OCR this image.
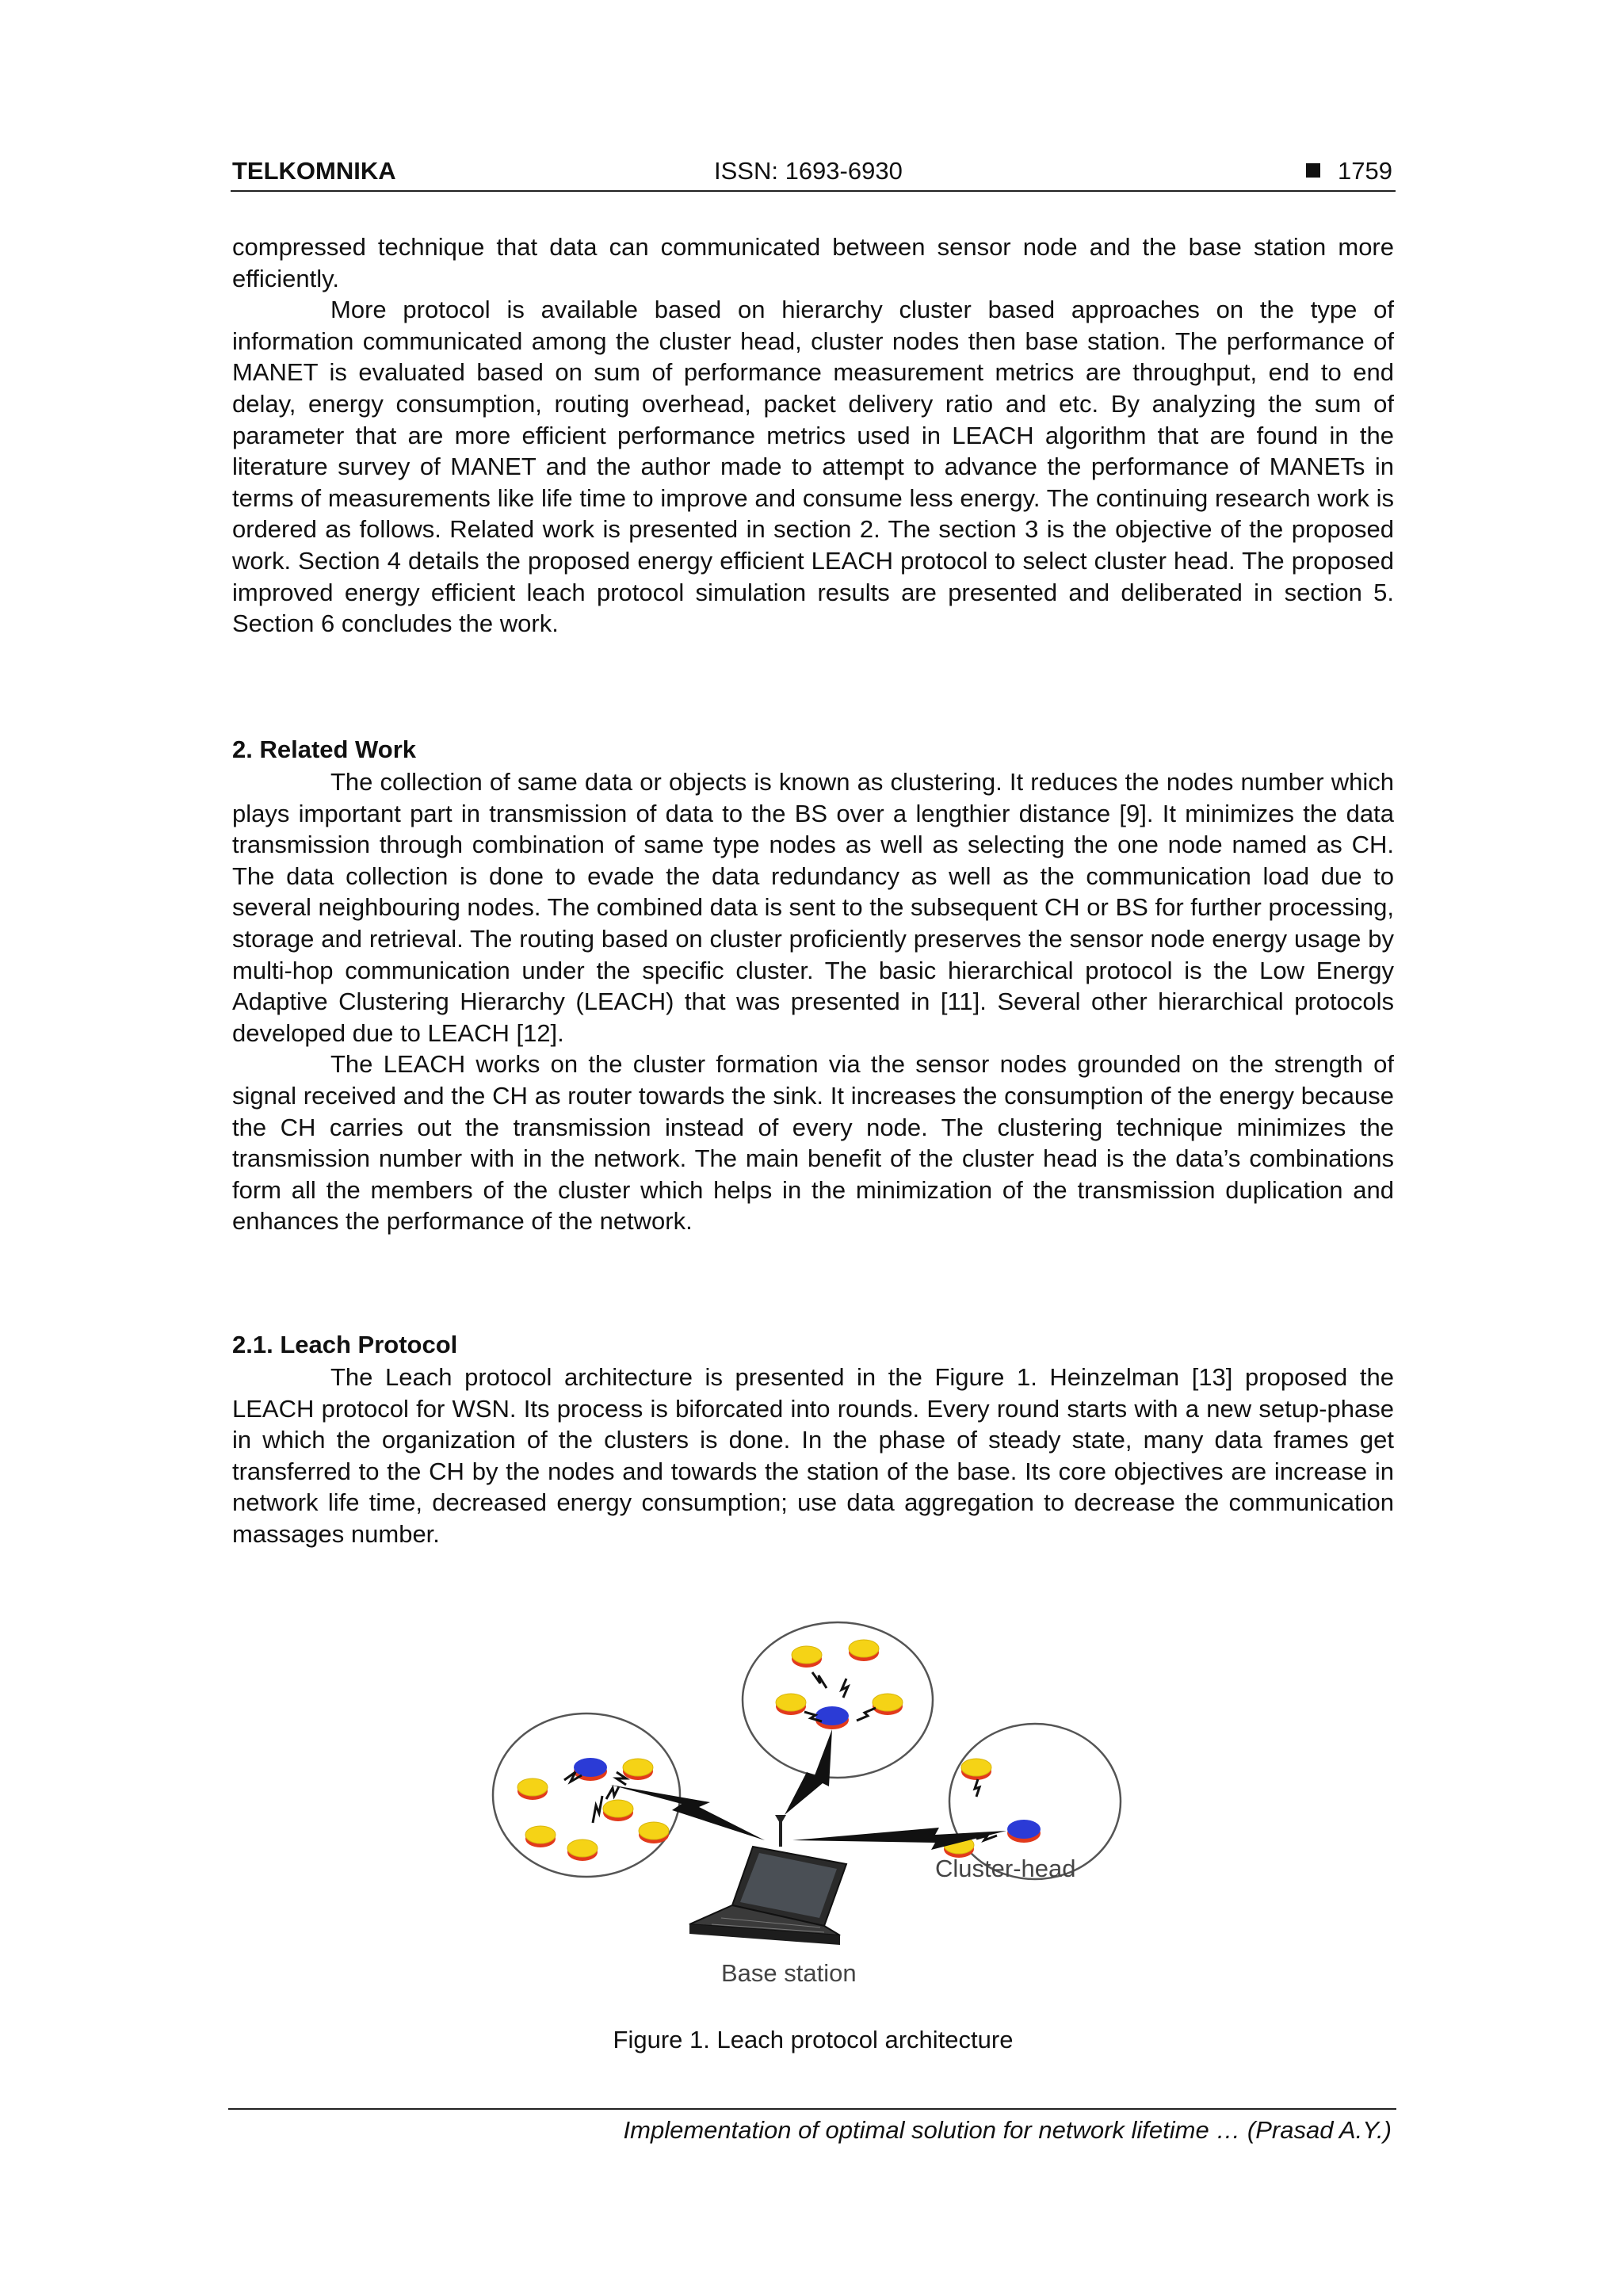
TELKOMNIKA	ISSN: 1693-6930	1759

compressed technique that data can communicated between sensor node and the base station more efficiently.

More protocol is available based on hierarchy cluster based approaches on the type of information communicated among the cluster head, cluster nodes then base station. The performance of MANET is evaluated based on sum of performance measurement metrics are throughput, end to end delay, energy consumption, routing overhead, packet delivery ratio and etc. By analyzing the sum of parameter that are more efficient performance metrics used in LEACH algorithm that are found in the literature survey of MANET and the author made to attempt to advance the performance of MANETs in terms of measurements like life time to improve and consume less energy. The continuing research work is ordered as follows. Related work is presented in section 2. The section 3 is the objective of the proposed work. Section 4 details the proposed energy efficient LEACH protocol to select cluster head. The proposed improved energy efficient leach protocol simulation results are presented and deliberated in section 5. Section 6 concludes the work.

2. Related Work

The collection of same data or objects is known as clustering. It reduces the nodes number which plays important part in transmission of data to the BS over a lengthier distance [9]. It minimizes the data transmission through combination of same type nodes as well as selecting the one node named as CH. The data collection is done to evade the data redundancy as well as the communication load due to several neighbouring nodes. The combined data is sent to the subsequent CH or BS for further processing, storage and retrieval. The routing based on cluster proficiently preserves the sensor node energy usage by multi-hop communication under the specific cluster. The basic hierarchical protocol is the Low Energy Adaptive Clustering Hierarchy (LEACH) that was presented in [11]. Several other hierarchical protocols developed due to LEACH [12].

The LEACH works on the cluster formation via the sensor nodes grounded on the strength of signal received and the CH as router towards the sink. It increases the consumption of the energy because the CH carries out the transmission instead of every node. The clustering technique minimizes the transmission number with in the network. The main benefit of the cluster head is the data’s combinations form all the members of the cluster which helps in the minimization of the transmission duplication and enhances the performance of the network.

2.1. Leach Protocol

The Leach protocol architecture is presented in the Figure 1. Heinzelman [13] proposed the LEACH protocol for WSN. Its process is biforcated into rounds. Every round starts with a new setup-phase in which the organization of the clusters is done. In the phase of steady state, many data frames get transferred to the CH by the nodes and towards the station of the base. Its core objectives are increase in network life time, decreased energy consumption; use data aggregation to decrease the communication massages number.

Cluster-head
Base station
Figure 1. Leach protocol architecture
Implementation of optimal solution for network lifetime … (Prasad A.Y.)
